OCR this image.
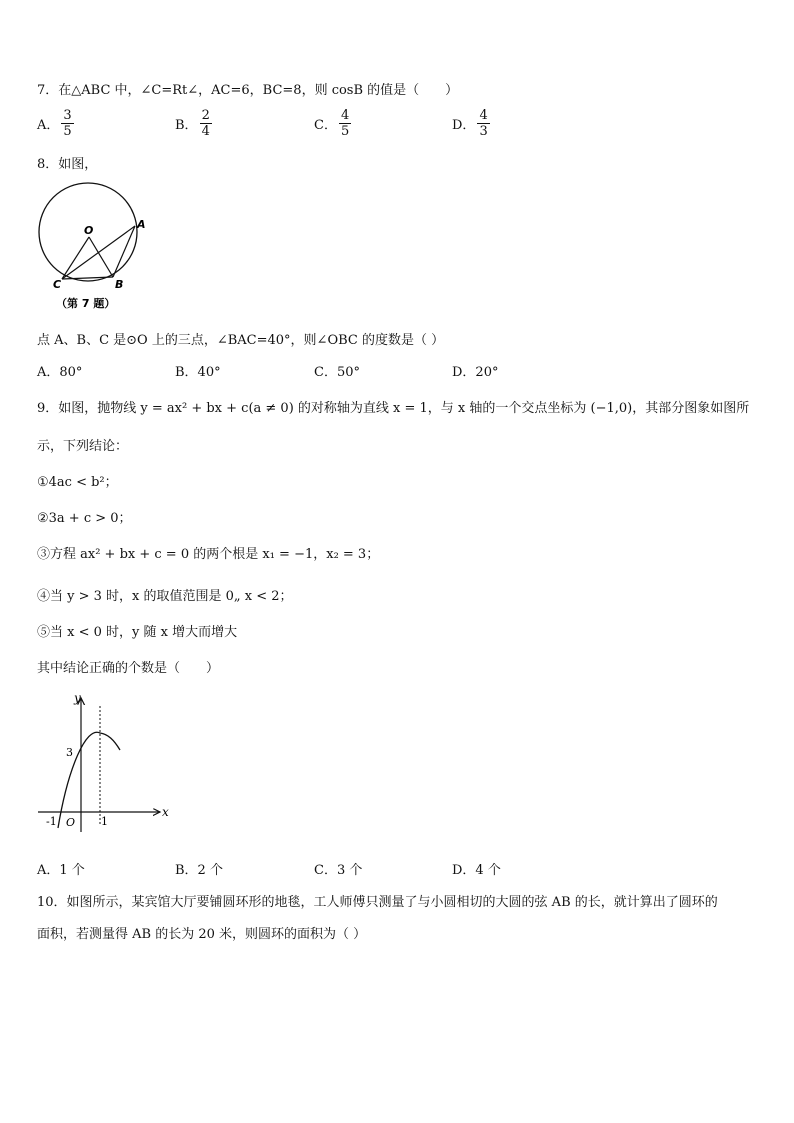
7．在△ABC 中，∠C=Rt∠，AC=6，BC=8，则 cosB 的值是（　　）
A． $\frac{3}{5}$	B． $\frac{2}{4}$	C． $\frac{4}{5}$	D． $\frac{4}{3}$
8．如图，
O	A
B
C
（第 7 题）
点 A、B、C 是⊙O 上的三点，∠BAC=40°，则∠OBC 的度数是（ ）
A．80°	B．40°	C．50°	D．20°
9．如图，抛物线 y = ax² + bx + c(a ≠ 0) 的对称轴为直线 x = 1，与 x 轴的一个交点坐标为 (−1,0)，其部分图象如图所
示，下列结论：
①4ac < b²；
②3a + c > 0；
③方程 ax² + bx + c = 0 的两个根是 x₁ = −1，x₂ = 3；
④当 y > 3 时，x 的取值范围是 0„ x < 2；
⑤当 x < 0 时，y 随 x 增大而增大
其中结论正确的个数是（　　）
y
x
3
-1 O 1
A．1 个	B．2 个	C．3 个	D．4 个
10．如图所示，某宾馆大厅要铺圆环形的地毯，工人师傅只测量了与小圆相切的大圆的弦 AB 的长，就计算出了圆环的
面积，若测量得 AB 的长为 20 米，则圆环的面积为（ ）
